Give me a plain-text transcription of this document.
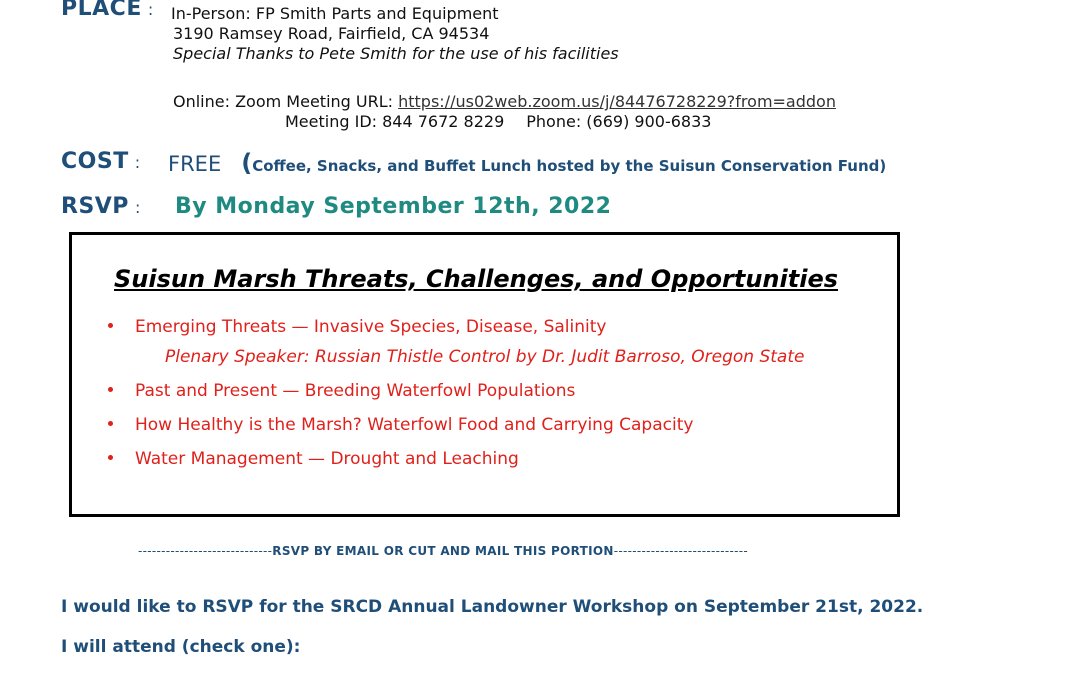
PLACE : In-Person: FP Smith Parts and Equipment
3190 Ramsey Road, Fairfield, CA 94534
Special Thanks to Pete Smith for the use of his facilities
Online: Zoom Meeting URL: https://us02web.zoom.us/j/84476728229?from=addon
Meeting ID: 844 7672 8229 Phone: (669) 900-6833
COST : FREE (Coffee, Snacks, and Buffet Lunch hosted by the Suisun Conservation Fund)
RSVP : By Monday September 12th, 2022
Suisun Marsh Threats, Challenges, and Opportunities
Emerging Threats — Invasive Species, Disease, Salinity
Plenary Speaker: Russian Thistle Control by Dr. Judit Barroso, Oregon State
Past and Present — Breeding Waterfowl Populations
How Healthy is the Marsh? Waterfowl Food and Carrying Capacity
Water Management — Drought and Leaching
-----------------------------RSVP BY EMAIL OR CUT AND MAIL THIS PORTION-----------------------------
I would like to RSVP for the SRCD Annual Landowner Workshop on September 21st, 2022.
I will attend (check one):
